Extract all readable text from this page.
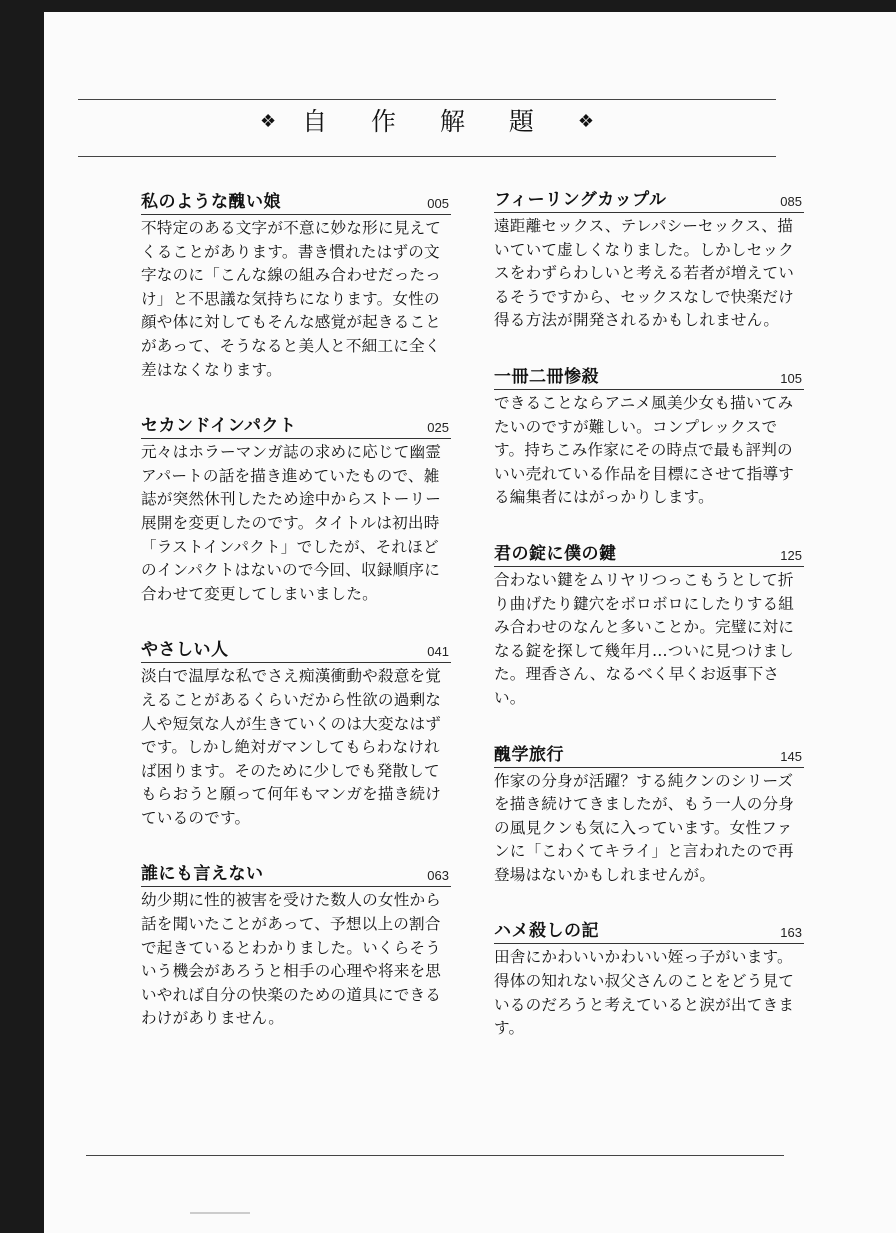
❖ 自 作 解 題 ❖
私のような醜い娘	005
不特定のある文字が不意に妙な形に見えてくることがあります。書き慣れたはずの文字なのに「こんな線の組み合わせだったっけ」と不思議な気持ちになります。女性の顔や体に対してもそんな感覚が起きることがあって、そうなると美人と不細工に全く差はなくなります。
セカンドインパクト	025
元々はホラーマンガ誌の求めに応じて幽霊アパートの話を描き進めていたもので、雑誌が突然休刊したため途中からストーリー展開を変更したのです。タイトルは初出時「ラストインパクト」でしたが、それほどのインパクトはないので今回、収録順序に合わせて変更してしまいました。
やさしい人	041
淡白で温厚な私でさえ痴漢衝動や殺意を覚えることがあるくらいだから性欲の過剰な人や短気な人が生きていくのは大変なはずです。しかし絶対ガマンしてもらわなければ困ります。そのために少しでも発散してもらおうと願って何年もマンガを描き続けているのです。
誰にも言えない	063
幼少期に性的被害を受けた数人の女性から話を聞いたことがあって、予想以上の割合で起きているとわかりました。いくらそういう機会があろうと相手の心理や将来を思いやれば自分の快楽のための道具にできるわけがありません。
フィーリングカップル	085
遠距離セックス、テレパシーセックス、描いていて虚しくなりました。しかしセックスをわずらわしいと考える若者が増えているそうですから、セックスなしで快楽だけ得る方法が開発されるかもしれません。
一冊二冊惨殺	105
できることならアニメ風美少女も描いてみたいのですが難しい。コンプレックスです。持ちこみ作家にその時点で最も評判のいい売れている作品を目標にさせて指導する編集者にはがっかりします。
君の錠に僕の鍵	125
合わない鍵をムリヤリつっこもうとして折り曲げたり鍵穴をボロボロにしたりする組み合わせのなんと多いことか。完璧に対になる錠を探して幾年月…ついに見つけました。理香さん、なるべく早くお返事下さい。
醜学旅行	145
作家の分身が活躍？する純クンのシリーズを描き続けてきましたが、もう一人の分身の風見クンも気に入っています。女性ファンに「こわくてキライ」と言われたので再登場はないかもしれませんが。
ハメ殺しの記	163
田舎にかわいいかわいい姪っ子がいます。得体の知れない叔父さんのことをどう見ているのだろうと考えていると涙が出てきます。
